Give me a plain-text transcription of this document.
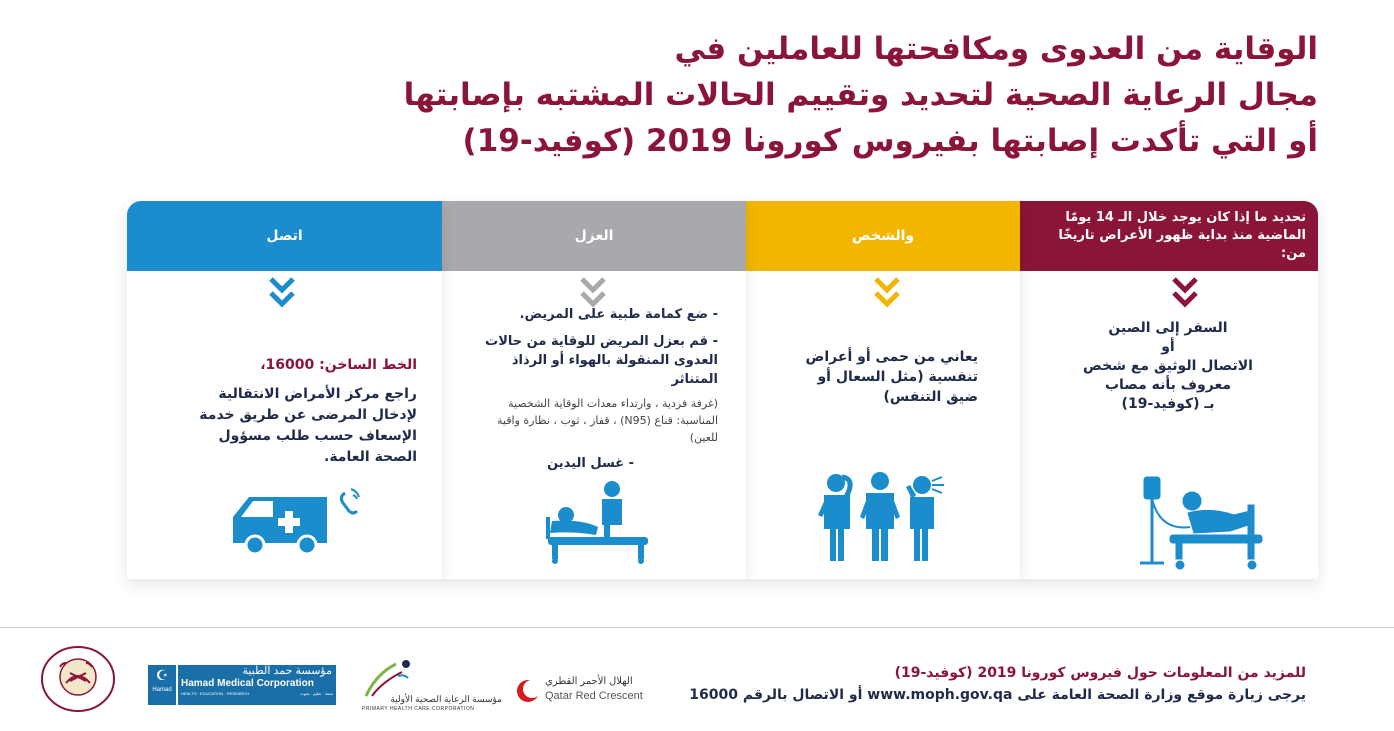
الوقاية من العدوى ومكافحتها للعاملين في
مجال الرعاية الصحية لتحديد وتقييم الحالات المشتبه بإصابتها
أو التي تأكدت إصابتها بفيروس كورونا 2019 (كوفيد-19)
تحديد ما إذا كان يوجد خلال الـ 14 يومًا الماضية منذ بداية ظهور الأعراض تاريخًا من:
السفر إلى الصين
أو
الاتصال الوثيق مع شخص
معروف بأنه مصاب
بـ (كوفيد-19)
والشخص
يعاني من حمى أو أعراض تنفسية (مثل السعال أو ضيق التنفس)
العزل
- ضع كمامة طبية على المريض.
- قم بعزل المريض للوقاية من حالات العدوى المنقولة بالهواء أو الرذاذ المتناثر
(غرفة فردية ، وارتداء معدات الوقاية الشخصية المناسبة: قناع (N95) ، قفاز ، ثوب ، نظارة واقية للعين)
- غسل اليدين
اتصل
الخط الساخن: 16000،
راجع مركز الأمراض الانتقالية لإدخال المرضى عن طريق خدمة الإسعاف حسب طلب مسؤول الصحة العامة.
للمزيد من المعلومات حول فيروس كورونا 2019 (كوفيد-19)
يرجى زيارة موقع وزارة الصحة العامة على www.moph.gov.qa أو الاتصال بالرقم 16000
الهلال الأحمر القطري
Qatar Red Crescent
مؤسسة الرعاية الصحية الأولية
PRIMARY HEALTH CARE CORPORATION
☪
Hamad
مؤسسة حمد الطبية
Hamad Medical Corporation
HEALTH · EDUCATION · RESEARCH	صحة · تعليم · بحوث
